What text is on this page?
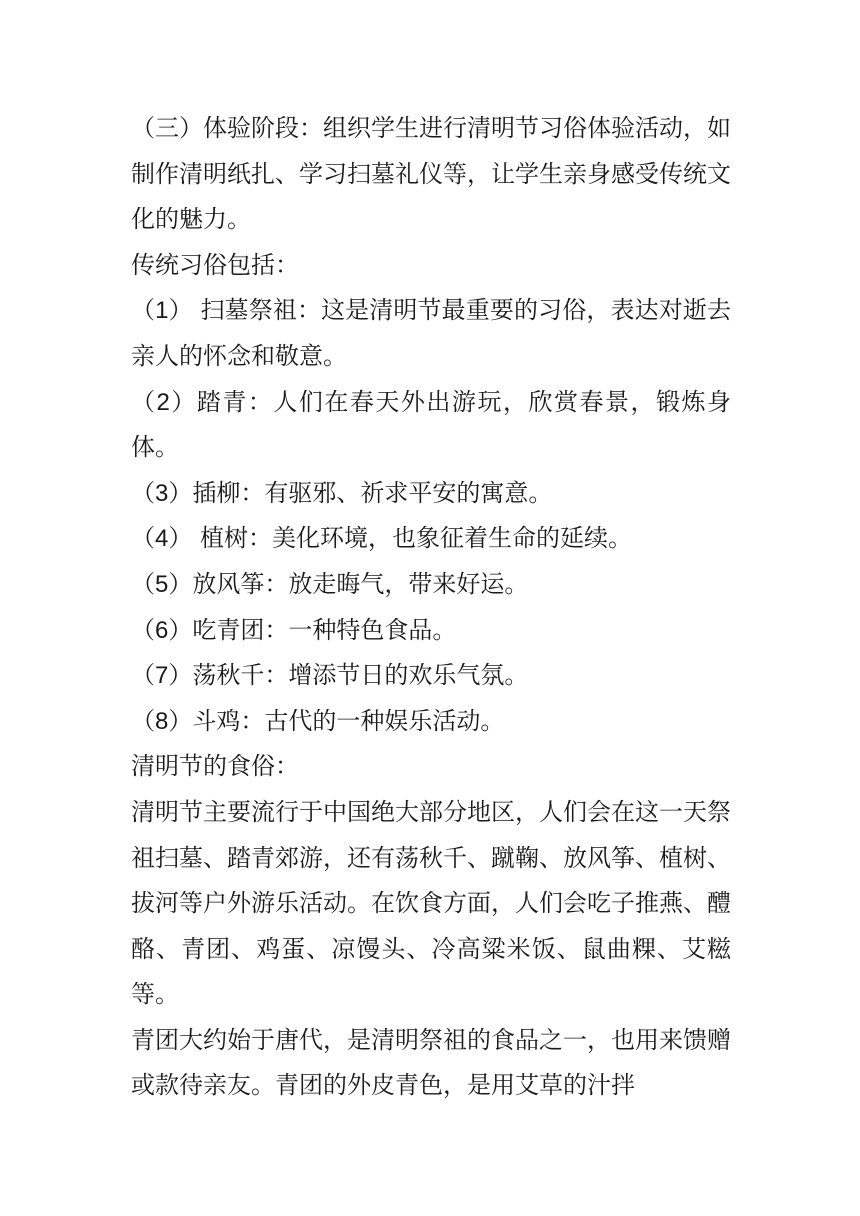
（三）体验阶段：组织学生进行清明节习俗体验活动，如制作清明纸扎、学习扫墓礼仪等，让学生亲身感受传统文化的魅力。

传统习俗包括：

（1） 扫墓祭祖：这是清明节最重要的习俗，表达对逝去亲人的怀念和敬意。

（2）踏青：人们在春天外出游玩，欣赏春景，锻炼身体。

（3）插柳：有驱邪、祈求平安的寓意。

（4） 植树：美化环境，也象征着生命的延续。

（5）放风筝：放走晦气，带来好运。

（6）吃青团：一种特色食品。

（7）荡秋千：增添节日的欢乐气氛。

（8）斗鸡：古代的一种娱乐活动。

清明节的食俗：

清明节主要流行于中国绝大部分地区，人们会在这一天祭祖扫墓、踏青郊游，还有荡秋千、蹴鞠、放风筝、植树、拔河等户外游乐活动。在饮食方面，人们会吃子推燕、醴酪、青团、鸡蛋、凉馒头、冷高粱米饭、鼠曲粿、艾糍等。

青团大约始于唐代，是清明祭祖的食品之一，也用来馈赠或款待亲友。青团的外皮青色，是用艾草的汁拌
